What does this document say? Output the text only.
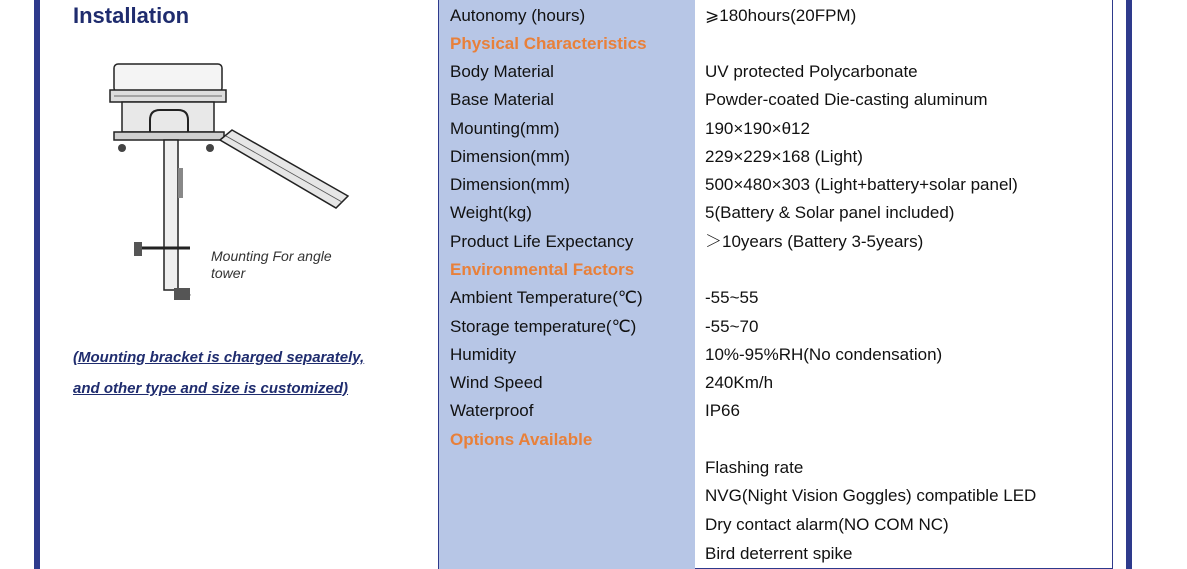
Installation
Mounting For angle tower
(Mounting bracket is charged separately,
and other type and size is customized)
Autonomy (hours)	⩾180hours(20FPM)
Physical Characteristics
Body Material	UV protected Polycarbonate
Base Material	Powder-coated Die-casting aluminum
Mounting(mm)	190×190×θ12
Dimension(mm)	229×229×168 (Light)
Dimension(mm)	500×480×303 (Light+battery+solar panel)
Weight(kg)	5(Battery & Solar panel included)
Product Life Expectancy	＞10years (Battery 3-5years)
Environmental Factors
Ambient Temperature(℃)	-55~55
Storage temperature(℃)	-55~70
Humidity	10%-95%RH(No condensation)
Wind Speed	240Km/h
Waterproof	IP66
Options Available
Flashing rate
NVG(Night Vision Goggles) compatible LED
Dry contact alarm(NO COM NC)
Bird deterrent spike
